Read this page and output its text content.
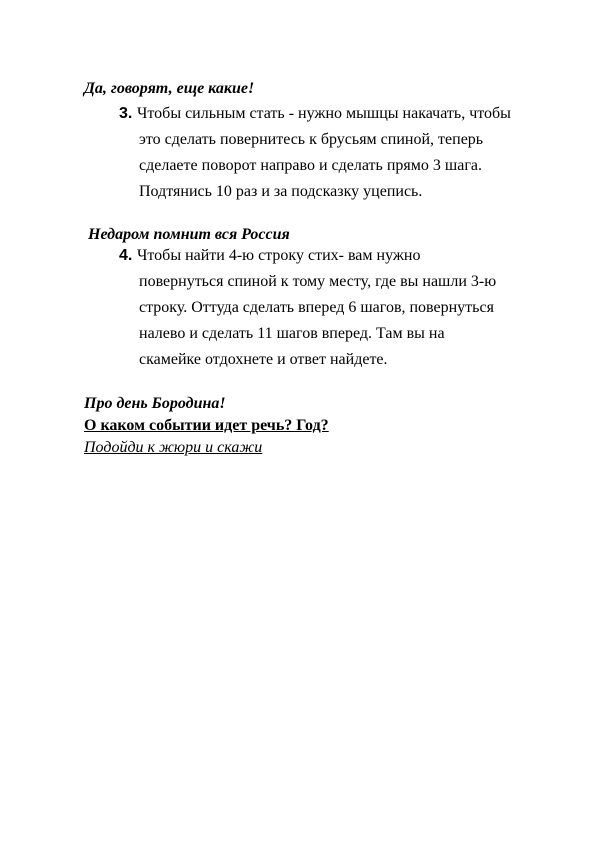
Да, говорят, еще какие!
3. Чтобы сильным стать - нужно мышцы накачать, чтобы
это сделать повернитесь к брусьям спиной, теперь
сделаете поворот направо и сделать прямо 3 шага.
Подтянись 10 раз и за подсказку уцепись.
Недаром помнит вся Россия
4. Чтобы найти 4-ю строку стих- вам нужно
повернуться спиной к тому месту, где вы нашли 3-ю
строку. Оттуда сделать вперед 6 шагов, повернуться
налево и сделать 11 шагов вперед. Там вы на
скамейке отдохнете и ответ найдете.
Про день Бородина!
О каком событии идет речь? Год?
Подойди к жюри и скажи
